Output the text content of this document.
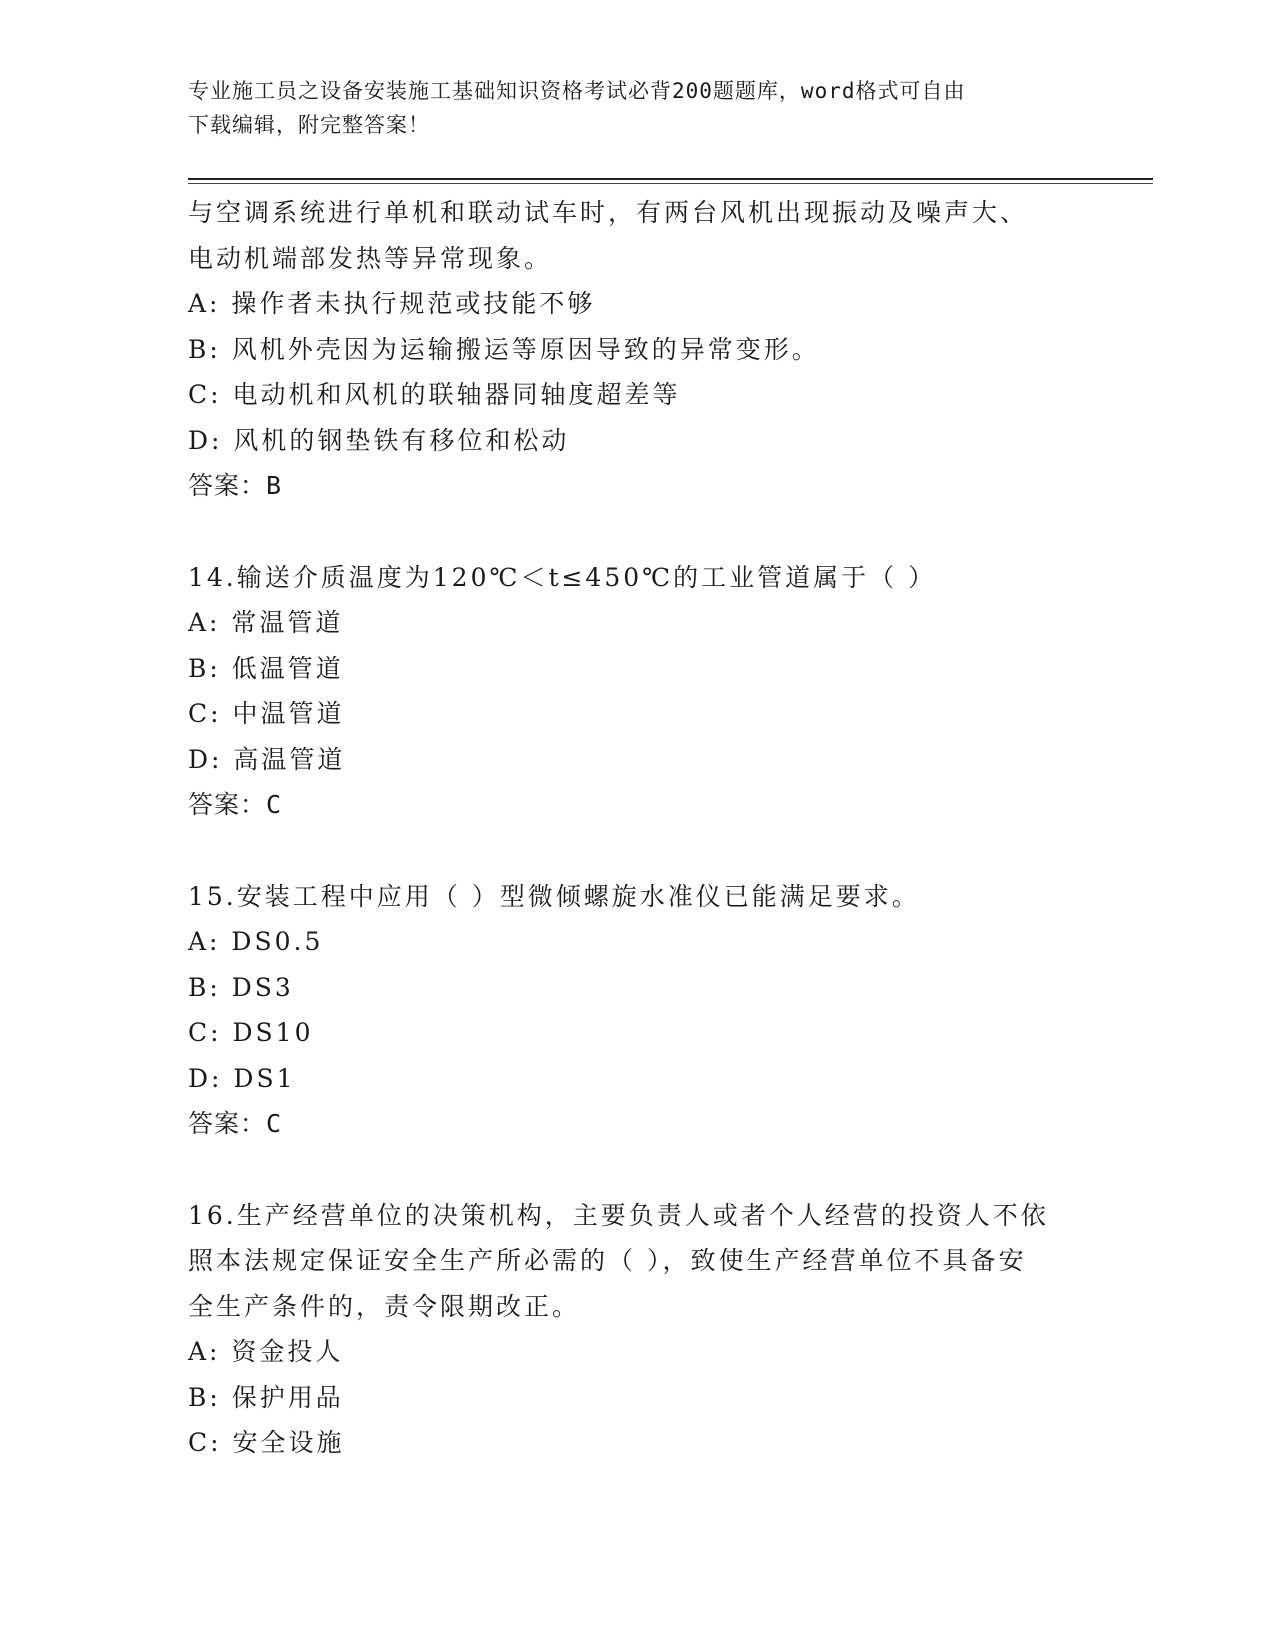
专业施工员之设备安装施工基础知识资格考试必背200题题库，word格式可自由
下载编辑，附完整答案！
与空调系统进行单机和联动试车时，有两台风机出现振动及噪声大、
电动机端部发热等异常现象。
A: 操作者未执行规范或技能不够
B: 风机外壳因为运输搬运等原因导致的异常变形。
C: 电动机和风机的联轴器同轴度超差等
D: 风机的钢垫铁有移位和松动
答案：B
14.输送介质温度为120℃＜t≤450℃的工业管道属于（ ）
A: 常温管道
B: 低温管道
C: 中温管道
D: 高温管道
答案：C
15.安装工程中应用（ ）型微倾螺旋水准仪已能满足要求。
A: DS0.5
B: DS3
C: DS10
D: DS1
答案：C
16.生产经营单位的决策机构，主要负责人或者个人经营的投资人不依
照本法规定保证安全生产所必需的（ ），致使生产经营单位不具备安
全生产条件的，责令限期改正。
A: 资金投人
B: 保护用品
C: 安全设施
